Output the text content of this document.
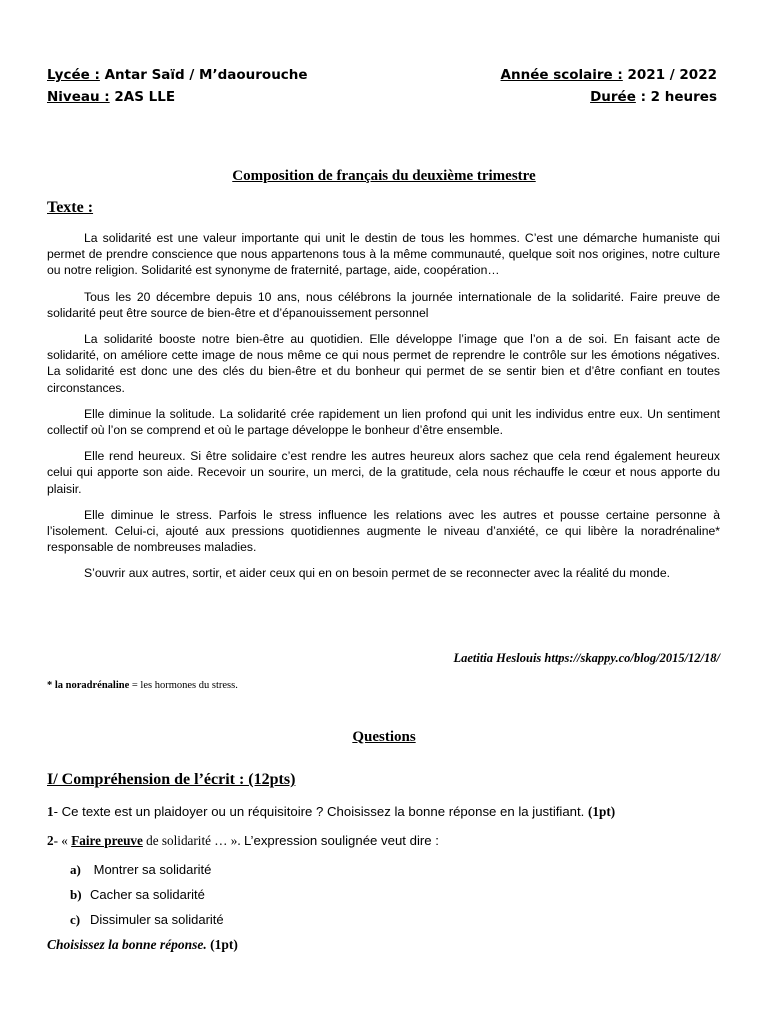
Lycée : Antar Saïd / M’daourouche	Année scolaire : 2021 / 2022
Niveau : 2AS LLE	Durée : 2 heures
Composition de français du deuxième trimestre
Texte :

La solidarité est une valeur importante qui unit le destin de tous les hommes. C’est une démarche humaniste qui permet de prendre conscience que nous appartenons tous à la même communauté, quelque soit nos origines, notre culture ou notre religion. Solidarité est synonyme de fraternité, partage, aide, coopération…

Tous les 20 décembre depuis 10 ans, nous célébrons la journée internationale de la solidarité. Faire preuve de solidarité peut être source de bien-être et d’épanouissement personnel

La solidarité booste notre bien-être au quotidien. Elle développe l’image que l’on a de soi. En faisant acte de solidarité, on améliore cette image de nous même ce qui nous permet de reprendre le contrôle sur les émotions négatives. La solidarité est donc une des clés du bien-être et du bonheur qui permet de se sentir bien et d’être confiant en toutes circonstances.

Elle diminue la solitude. La solidarité crée rapidement un lien profond qui unit les individus entre eux. Un sentiment collectif où l’on se comprend et où le partage développe le bonheur d’être ensemble.

Elle rend heureux. Si être solidaire c’est rendre les autres heureux alors sachez que cela rend également heureux celui qui apporte son aide. Recevoir un sourire, un merci, de la gratitude, cela nous réchauffe le cœur et nous apporte du plaisir.

Elle diminue le stress. Parfois le stress influence les relations avec les autres et pousse certaine personne à l’isolement. Celui-ci, ajouté aux pressions quotidiennes augmente le niveau d’anxiété, ce qui libère la noradrénaline* responsable de nombreuses maladies.

S’ouvrir aux autres, sortir, et aider ceux qui en on besoin permet de se reconnecter avec la réalité du monde.

Laetitia Heslouis https://skappy.co/blog/2015/12/18/
* la noradrénaline = les hormones du stress.
Questions
I/ Compréhension de l’écrit : (12pts)
1- Ce texte est un plaidoyer ou un réquisitoire ? Choisissez la bonne réponse en la justifiant. (1pt)
2- « Faire preuve de solidarité … ». L’expression soulignée veut dire :
a) Montrer sa solidarité
b) Cacher sa solidarité
c) Dissimuler sa solidarité
Choisissez la bonne réponse. (1pt)
